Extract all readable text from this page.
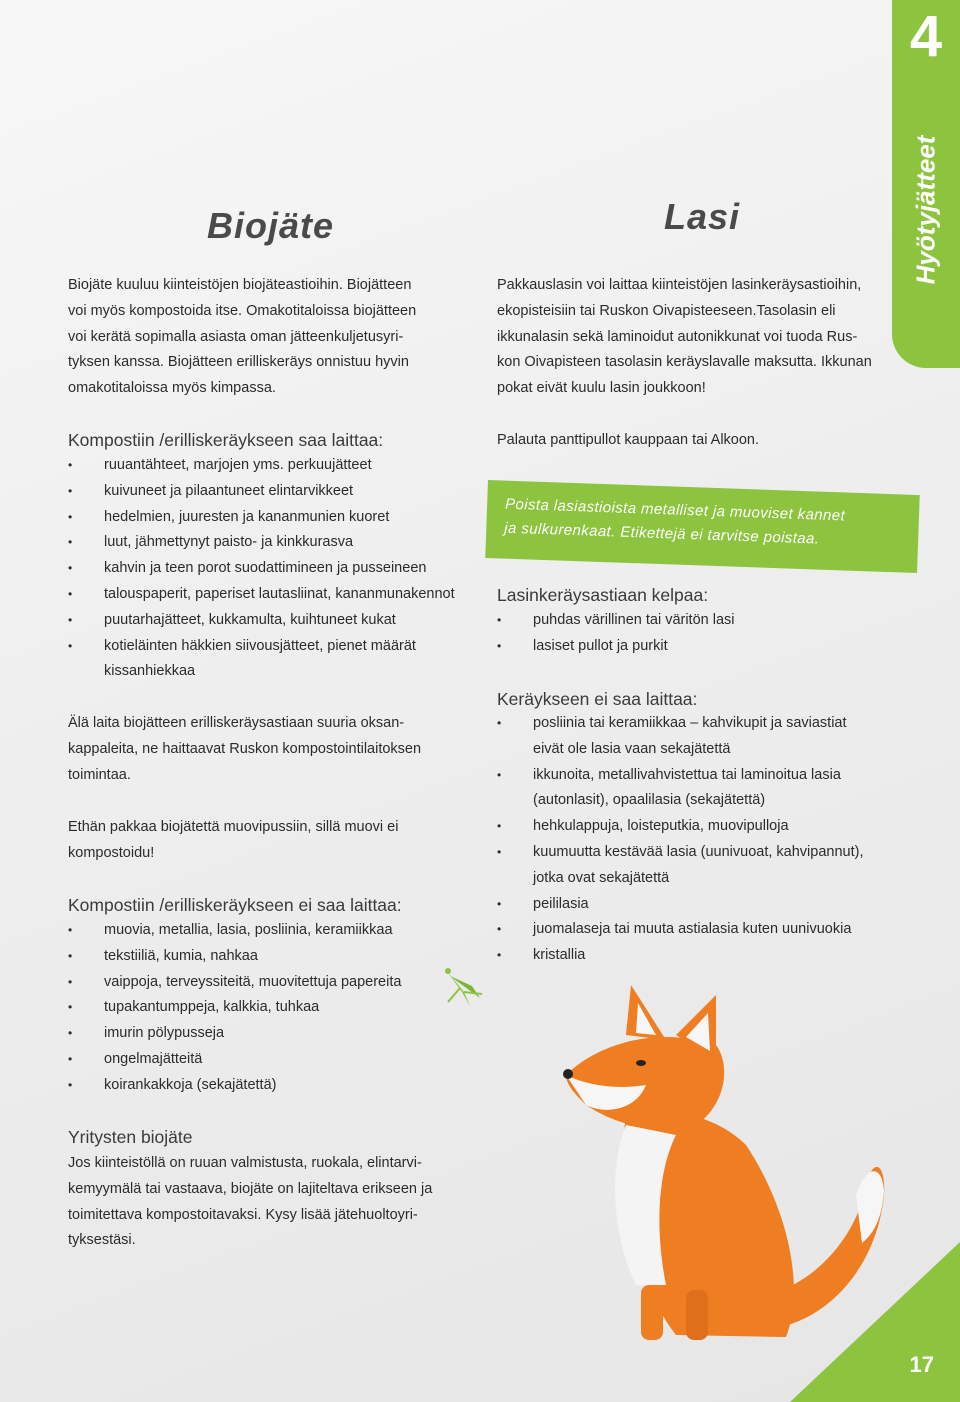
4
Hyötyjätteet
Biojäte
Biojäte kuuluu kiinteistöjen biojäteastioihin. Biojätteen
voi myös kompostoida itse. Omakotitaloissa biojätteen
voi kerätä sopimalla asiasta oman jätteenkuljetusyri-
tyksen kanssa. Biojätteen erilliskeräys onnistuu hyvin
omakotitaloissa myös kimpassa.
Kompostiin /erilliskeräykseen saa laittaa:
• ruuantähteet, marjojen yms. perkuujätteet
• kuivuneet ja pilaantuneet elintarvikkeet
• hedelmien, juuresten ja kananmunien kuoret
• luut, jähmettynyt paisto- ja kinkkurasva
• kahvin ja teen porot suodattimineen ja pusseineen
• talouspaperit, paperiset lautasliinat, kananmunakennot
• puutarhajätteet, kukkamulta, kuihtuneet kukat
• kotieläinten häkkien siivousjätteet, pienet määrät
kissanhiekkaa
Älä laita biojätteen erilliskeräysastiaan suuria oksan-
kappaleita, ne haittaavat Ruskon kompostointilaitoksen
toimintaa.
Ethän pakkaa biojätettä muovipussiin, sillä muovi ei
kompostoidu!
Kompostiin /erilliskeräykseen ei saa laittaa:
• muovia, metallia, lasia, posliinia, keramiikkaa
• tekstiiliä, kumia, nahkaa
• vaippoja, terveyssiteitä, muovitettuja papereita
• tupakantumppeja, kalkkia, tuhkaa
• imurin pölypusseja
• ongelmajätteitä
• koirankakkoja (sekajätettä)
Yritysten biojäte
Jos kiinteistöllä on ruuan valmistusta, ruokala, elintarvi-
kemyymälä tai vastaava, biojäte on lajiteltava erikseen ja
toimitettava kompostoitavaksi. Kysy lisää jätehuoltoyri-
tyksestäsi.
Lasi
Pakkauslasin voi laittaa kiinteistöjen lasinkeräysastioihin,
ekopisteisiin tai Ruskon Oivapisteeseen.Tasolasin eli
ikkunalasin sekä laminoidut autonikkunat voi tuoda Rus-
kon Oivapisteen tasolasin keräyslavalle maksutta. Ikkunan
pokat eivät kuulu lasin joukkoon!
Palauta panttipullot kauppaan tai Alkoon.
Poista lasiastioista metalliset ja muoviset kannet
ja sulkurenkaat. Etikettejä ei tarvitse poistaa.
Lasinkeräysastiaan kelpaa:
• puhdas värillinen tai väritön lasi
• lasiset pullot ja purkit
Keräykseen ei saa laittaa:
• posliinia tai keramiikkaa – kahvikupit ja saviastiat
eivät ole lasia vaan sekajätettä
• ikkunoita, metallivahvistettua tai laminoitua lasia
(autonlasit), opaalilasia (sekajätettä)
• hehkulappuja, loisteputkia, muovipulloja
• kuumuutta kestävää lasia (uunivuoat, kahvipannut),
jotka ovat sekajätettä
• peililasia
• juomalaseja tai muuta astialasia kuten uunivuokia
• kristallia
17
